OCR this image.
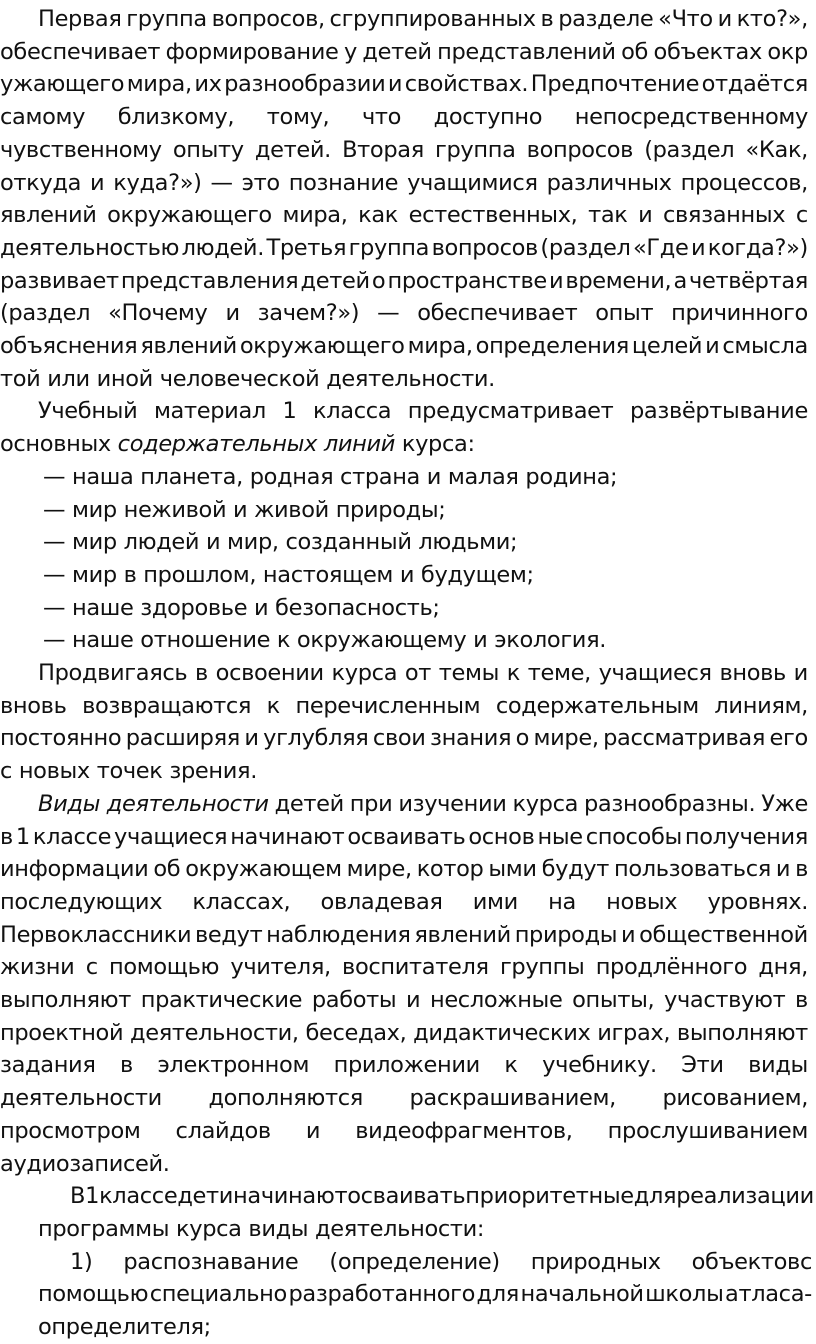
Первая группа вопросов, сгруппированных в разделе «Что и кто?»,
обеспечивает формирование у детей представлений об объектах окр
ужающего мира, их разнообразии и свойствах. Предпочтение отдаётся
самому близкому, тому, что доступно непосредственному
чувственному опыту детей. Вторая группа вопросов (раздел «Как,
откуда и куда?») — это познание учащимися различных процессов,
явлений окружающего мира, как естественных, так и связанных с
деятельностью людей. Третья группа вопросов (раздел «Где и когда?»)
развивает представления детей о пространстве и времени, а четвёртая
(раздел «Почему и зачем?») — обеспечивает опыт причинного
объяснения явлений окружающего мира, определения целей и смысла
той или иной человеческой деятельности.
Учебный материал 1 класса предусматривает развёртывание
основных содержательных линий курса:
— наша планета, родная страна и малая родина;
— мир неживой и живой природы;
— мир людей и мир, созданный людьми;
— мир в прошлом, настоящем и будущем;
— наше здоровье и безопасность;
— наше отношение к окружающему и экология.
Продвигаясь в освоении курса от темы к теме, учащиеся вновь и
вновь возвращаются к перечисленным содержательным линиям,
постоянно расширяя и углубляя свои знания о мире, рассматривая его
с новых точек зрения.
Виды деятельности детей при изучении курса разнообразны. Уже
в 1 классе учащиеся начинают осваивать основ ные способы получения
информации об окружающем мире, котор ыми будут пользоваться и в
последующих классах, овладевая ими на новых уровнях.
Первоклассники ведут наблюдения явлений природы и общественной
жизни с помощью учителя, воспитателя группы продлённого дня,
выполняют практические работы и несложные опыты, участвуют в
проектной деятельности, беседах, дидактических играх, выполняют
задания в электронном приложении к учебнику. Эти виды
деятельности дополняются раскрашиванием, рисованием,
просмотром слайдов и видеофрагментов, прослушиванием
аудиозаписей.
В 1 классе дети начинают осваивать приоритетные для реализации
программы курса виды деятельности:
1) распознавание (определение) природных объектовс
помощью специально разработанного для начальной школы атласа-
определителя;
